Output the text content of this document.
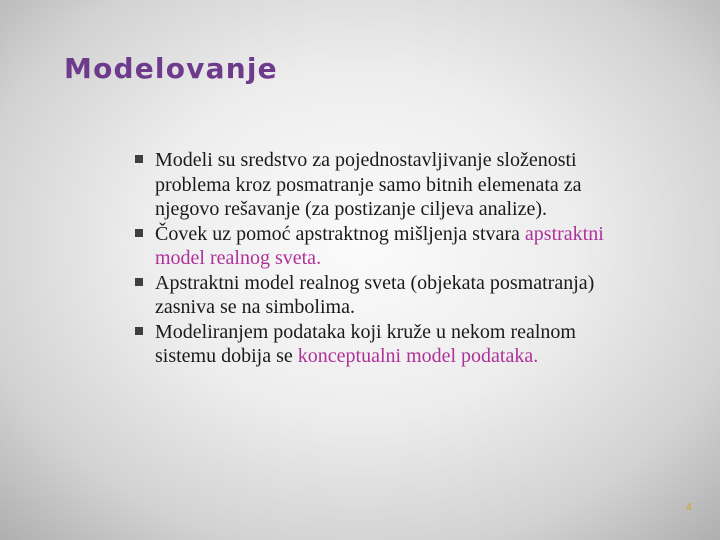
Modelovanje
Modeli su sredstvo za pojednostavljivanje složenosti problema kroz posmatranje samo bitnih elemenata za njegovo rešavanje (za postizanje ciljeva analize).
Čovek uz pomoć apstraktnog mišljenja stvara apstraktni model realnog sveta.
Apstraktni model realnog sveta (objekata posmatranja) zasniva se na simbolima.
Modeliranjem podataka koji kruže u nekom realnom sistemu dobija se konceptualni model podataka.
4
